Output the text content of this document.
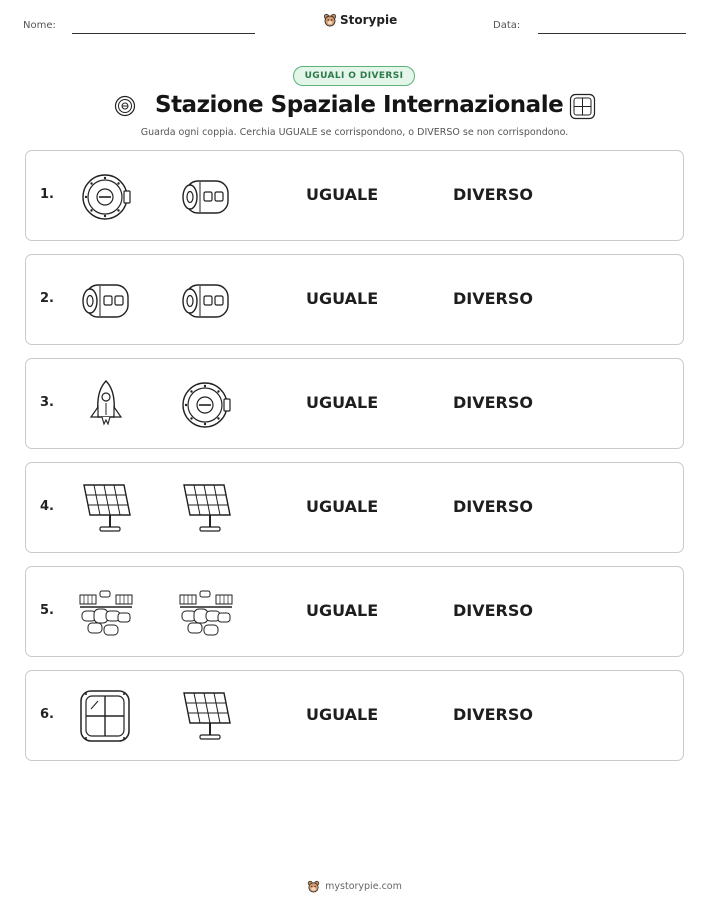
Nome:	Storypie	Data:
UGUALI O DIVERSI
Stazione Spaziale Internazionale
Guarda ogni coppia. Cerchia UGUALE se corrispondono, o DIVERSO se non corrispondono.
1.	UGUALE	DIVERSO
2.	UGUALE	DIVERSO
3.	UGUALE	DIVERSO
4.	UGUALE	DIVERSO
5.	UGUALE	DIVERSO
6.	UGUALE	DIVERSO
mystorypie.com
